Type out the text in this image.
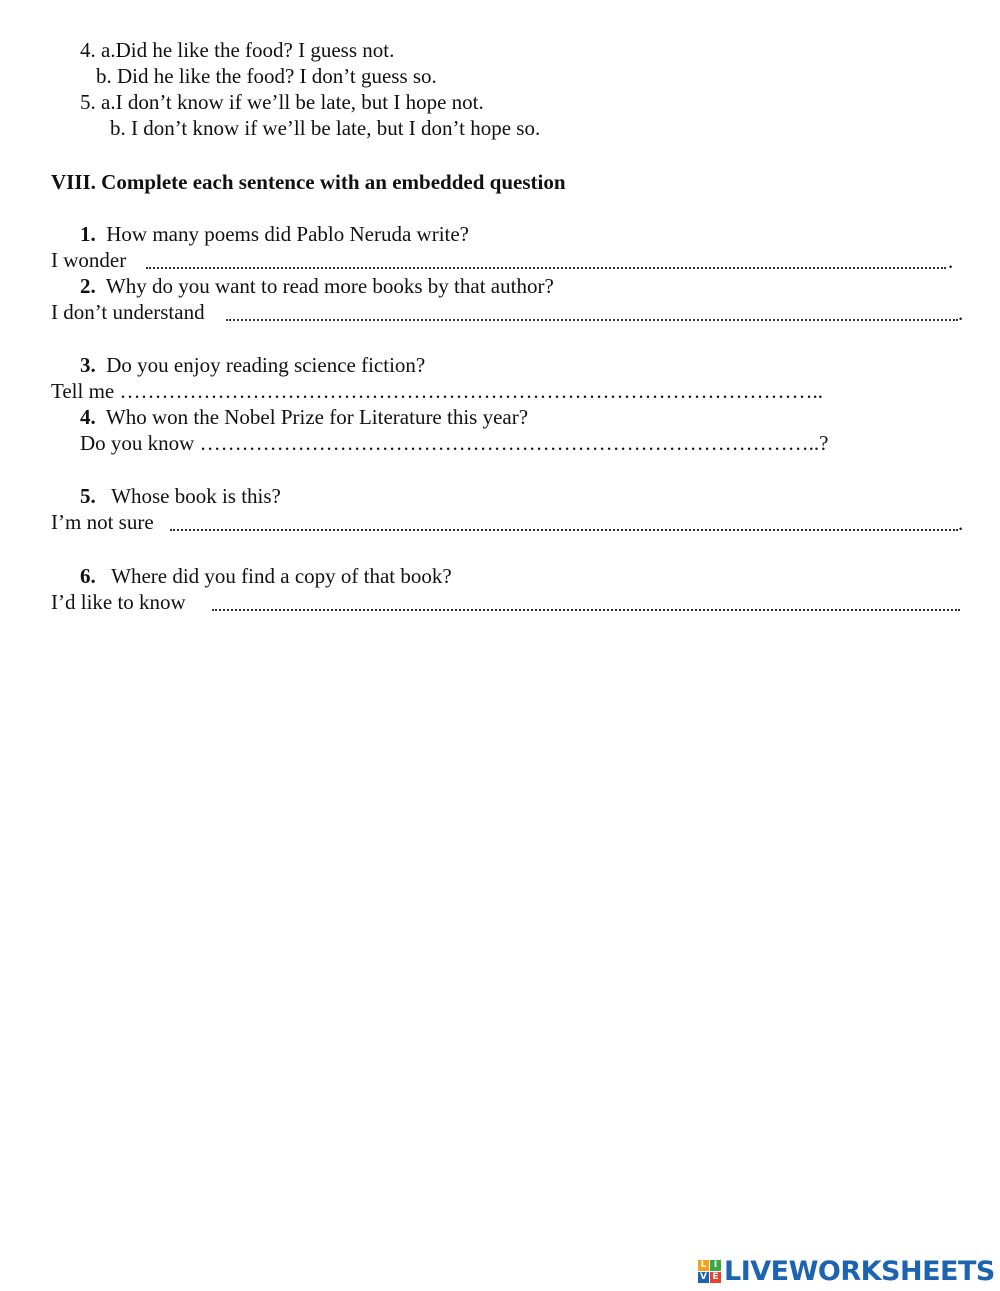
4. a.Did he like the food? I guess not.
b. Did he like the food? I don’t guess so.
5. a.I don’t know if we’ll be late, but I hope not.
b. I don’t know if we’ll be late, but I don’t hope so.
VIII. Complete each sentence with an embedded question
1. How many poems did Pablo Neruda write?
I wonder	.
2. Why do you want to read more books by that author?
I don’t understand	.
3. Do you enjoy reading science fiction?
Tell me ………………………………………………………………………………………..
4. Who won the Nobel Prize for Literature this year?
Do you know ……………………………………………………………………………..?
5. Whose book is this?
I’m not sure	.
6. Where did you find a copy of that book?
I’d like to know
L I
V E LIVEWORKSHEETS
